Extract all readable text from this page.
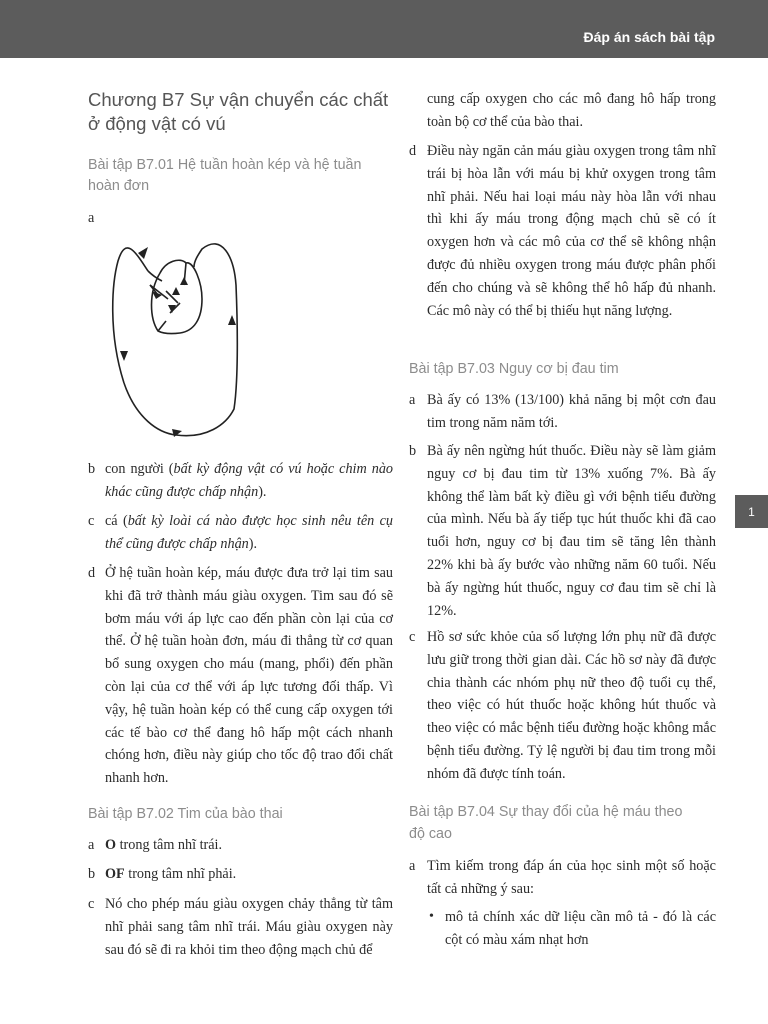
Đáp án sách bài tập
1
Chương B7 Sự vận chuyển các chất
ở động vật có vú
Bài tập B7.01 Hệ tuần hoàn kép và hệ tuần
hoàn đơn
a
b con người (bất kỳ động vật có vú hoặc chim nào khác cũng được chấp nhận).

c cá (bất kỳ loài cá nào được học sinh nêu tên cụ thể cũng được chấp nhận).

d Ở hệ tuần hoàn kép, máu được đưa trở lại tim sau khi đã trở thành máu giàu oxygen. Tim sau đó sẽ bơm máu với áp lực cao đến phần còn lại của cơ thể. Ở hệ tuần hoàn đơn, máu đi thẳng từ cơ quan bổ sung oxygen cho máu (mang, phổi) đến phần còn lại của cơ thể với áp lực tương đối thấp. Vì vậy, hệ tuần hoàn kép có thể cung cấp oxygen tới các tế bào cơ thể đang hô hấp một cách nhanh chóng hơn, điều này giúp cho tốc độ trao đổi chất nhanh hơn.

Bài tập B7.02 Tim của bào thai
a O trong tâm nhĩ trái.

b OF trong tâm nhĩ phải.

c Nó cho phép máu giàu oxygen chảy thẳng từ tâm nhĩ phải sang tâm nhĩ trái. Máu giàu oxygen này sau đó sẽ đi ra khỏi tim theo động mạch chủ để

cung cấp oxygen cho các mô đang hô hấp trong toàn bộ cơ thể của bào thai.

d Điều này ngăn cản máu giàu oxygen trong tâm nhĩ trái bị hòa lẫn với máu bị khử oxygen trong tâm nhĩ phải. Nếu hai loại máu này hòa lẫn với nhau thì khi ấy máu trong động mạch chủ sẽ có ít oxygen hơn và các mô của cơ thể sẽ không nhận được đủ nhiều oxygen trong máu được phân phối đến cho chúng và sẽ không thể hô hấp đủ nhanh. Các mô này có thể bị thiếu hụt năng lượng.

Bài tập B7.03 Nguy cơ bị đau tim
a Bà ấy có 13% (13/100) khả năng bị một cơn đau tim trong năm năm tới.

b Bà ấy nên ngừng hút thuốc. Điều này sẽ làm giảm nguy cơ bị đau tim từ 13% xuống 7%. Bà ấy không thể làm bất kỳ điều gì với bệnh tiểu đường của mình. Nếu bà ấy tiếp tục hút thuốc khi đã cao tuổi hơn, nguy cơ bị đau tim sẽ tăng lên thành 22% khi bà ấy bước vào những năm 60 tuổi. Nếu bà ấy ngừng hút thuốc, nguy cơ đau tim sẽ chỉ là 12%.

c Hồ sơ sức khỏe của số lượng lớn phụ nữ đã được lưu giữ trong thời gian dài. Các hồ sơ này đã được chia thành các nhóm phụ nữ theo độ tuổi cụ thể, theo việc có hút thuốc hoặc không hút thuốc và theo việc có mắc bệnh tiểu đường hoặc không mắc bệnh tiểu đường. Tỷ lệ người bị đau tim trong mỗi nhóm đã được tính toán.

Bài tập B7.04 Sự thay đổi của hệ máu theo
độ cao
a Tìm kiếm trong đáp án của học sinh một số hoặc tất cả những ý sau:

• mô tả chính xác dữ liệu cần mô tả - đó là các cột có màu xám nhạt hơn
